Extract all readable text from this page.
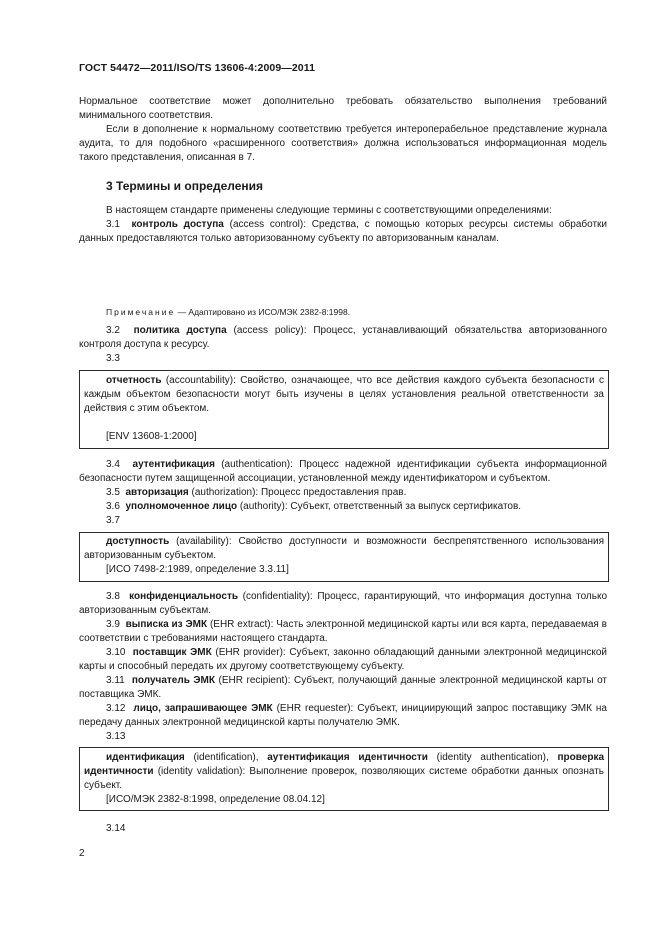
ГОСТ 54472—2011/ISO/TS 13606-4:2009—2011

Нормальное соответствие может дополнительно требовать обязательство выполнения требований минимального соответствия.

Если в дополнение к нормальному соответствию требуется интероперабельное представление журнала аудита, то для подобного «расширенного соответствия» должна использоваться информационная модель такого представления, описанная в 7.

3 Термины и определения

В настоящем стандарте применены следующие термины с соответствующими определениями:

3.1 контроль доступа (access control): Средства, с помощью которых ресурсы системы обработки данных предоставляются только авторизованному субъекту по авторизованным каналам.

Примечание — Адаптировано из ИСО/МЭК 2382-8:1998.

3.2 политика доступа (access policy): Процесс, устанавливающий обязательства авторизованного контроля доступа к ресурсу.

3.3

отчетность (accountability): Свойство, означающее, что все действия каждого субъекта безопасности с каждым объектом безопасности могут быть изучены в целях установления реальной ответственности за действия с этим объектом.

[ENV 13608-1:2000]

3.4 аутентификация (authentication): Процесс надежной идентификации субъекта информационной безопасности путем защищенной ассоциации, установленной между идентификатором и субъектом.

3.5 авторизация (authorization): Процесс предоставления прав.

3.6 уполномоченное лицо (authority): Субъект, ответственный за выпуск сертификатов.

3.7

доступность (availability): Свойство доступности и возможности беспрепятственного использования авторизованным субъектом.

[ИСО 7498-2:1989, определение 3.3.11]

3.8 конфиденциальность (confidentiality): Процесс, гарантирующий, что информация доступна только авторизованным субъектам.

3.9 выписка из ЭМК (EHR extract): Часть электронной медицинской карты или вся карта, передаваемая в соответствии с требованиями настоящего стандарта.

3.10 поставщик ЭМК (EHR provider): Субъект, законно обладающий данными электронной медицинской карты и способный передать их другому соответствующему субъекту.

3.11 получатель ЭМК (EHR recipient): Субъект, получающий данные электронной медицинской карты от поставщика ЭМК.

3.12 лицо, запрашивающее ЭМК (EHR requester): Субъект, инициирующий запрос поставщику ЭМК на передачу данных электронной медицинской карты получателю ЭМК.

3.13

идентификация (identification), аутентификация идентичности (identity authentication), проверка идентичности (identity validation): Выполнение проверок, позволяющих системе обработки данных опознать субъект.

[ИСО/МЭК 2382-8:1998, определение 08.04.12]
3.14
2
